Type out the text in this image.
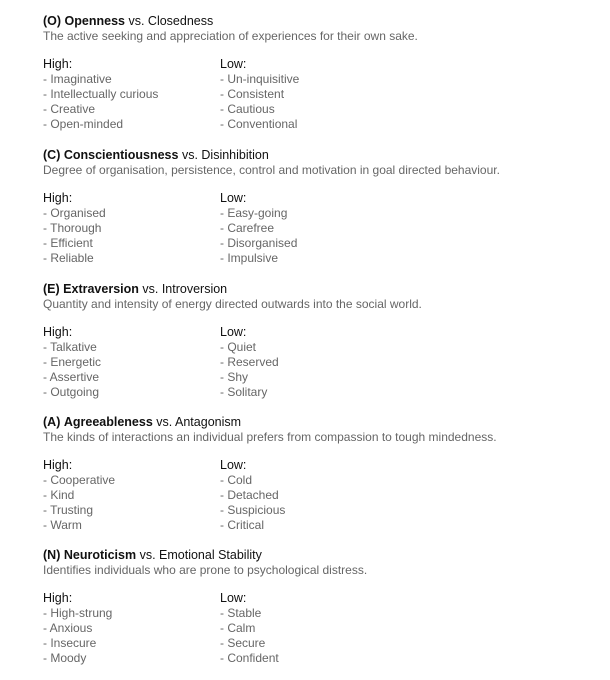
(O) Openness vs. Closedness
The active seeking and appreciation of experiences for their own sake.
High:
- Imaginative
- Intellectually curious
- Creative
- Open-minded
Low:
- Un-inquisitive
- Consistent
- Cautious
- Conventional
(C) Conscientiousness vs. Disinhibition
Degree of organisation, persistence, control and motivation in goal directed behaviour.
High:
- Organised
- Thorough
- Efficient
- Reliable
Low:
- Easy-going
- Carefree
- Disorganised
- Impulsive
(E) Extraversion vs. Introversion
Quantity and intensity of energy directed outwards into the social world.
High:
- Talkative
- Energetic
- Assertive
- Outgoing
Low:
- Quiet
- Reserved
- Shy
- Solitary
(A) Agreeableness vs. Antagonism
The kinds of interactions an individual prefers from compassion to tough mindedness.
High:
- Cooperative
- Kind
- Trusting
- Warm
Low:
- Cold
- Detached
- Suspicious
- Critical
(N) Neuroticism vs. Emotional Stability
Identifies individuals who are prone to psychological distress.
High:
- High-strung
- Anxious
- Insecure
- Moody
Low:
- Stable
- Calm
- Secure
- Confident
